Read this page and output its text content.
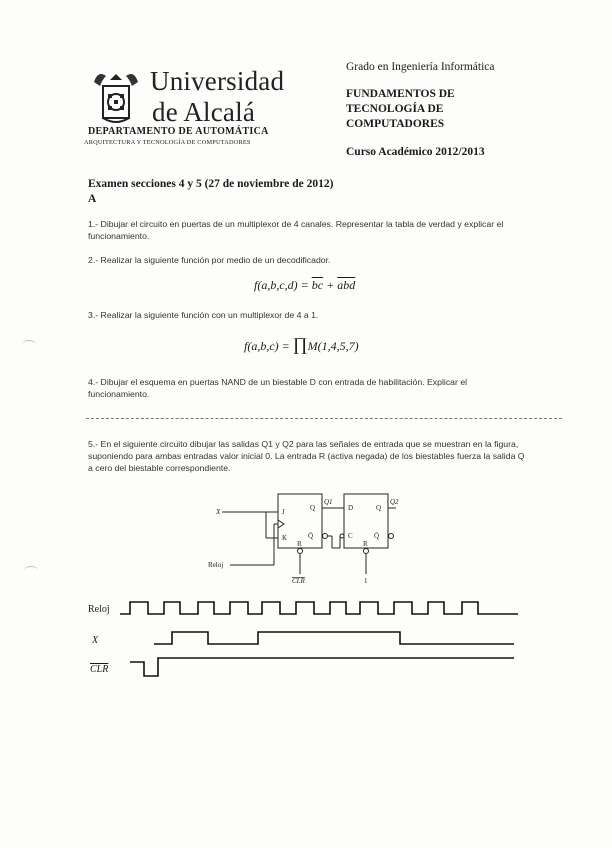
Universidad
de Alcalá
DEPARTAMENTO DE AUTOMÁTICA
ARQUITECTURA Y TECNOLOGÍA DE COMPUTADORES
Grado en Ingeniería Informática
FUNDAMENTOS DE
TECNOLOGÍA DE
COMPUTADORES
Curso Académico 2012/2013
Examen secciones 4 y 5 (27 de noviembre de 2012)
A
1.- Dibujar el circuito en puertas de un multiplexor de 4 canales. Representar la tabla de verdad y explicar el funcionamiento.
2.- Realizar la siguiente función por medio de un decodificador.
$f(a,b,c,d) = \overline{bc} + \overline{abd}$
3.- Realizar la siguiente función con un multiplexor de 4 a 1.
f(a,b,c) = ∏M(1,4,5,7)
4.- Dibujar el esquema en puertas NAND de un biestable D con entrada de habilitación. Explicar el funcionamiento.
5.- En el siguiente circuito dibujar las salidas Q1 y Q2 para las señales de entrada que se muestran en la figura, suponiendo para ambas entradas valor inicial 0. La entrada R (activa negada) de los biestables fuerza la salida Q a cero del biestable correspondiente.
X
Reloj
J
K
Q
Q̄
R
Q1
D
C
Q
Q̄
R
Q2
CLR	1
Reloj
X
$\overline{CLR}$
